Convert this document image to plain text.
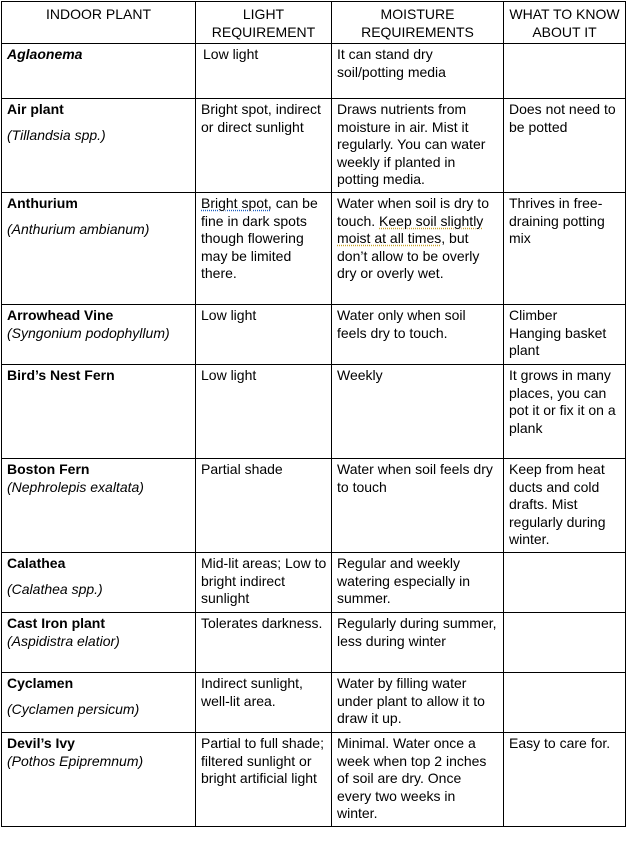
INDOOR PLANT	LIGHT REQUIREMENT	MOISTURE REQUIREMENTS	WHAT TO KNOW ABOUT IT

Aglaonema	Low light	It can stand dry soil/potting media	
Air plant
(Tillandsia spp.)	Bright spot, indirect or direct sunlight	Draws nutrients from moisture in air. Mist it regularly. You can water weekly if planted in potting media.	Does not need to be potted
Anthurium
(Anthurium ambianum)	Bright spot, can be fine in dark spots though flowering may be limited there.	Water when soil is dry to touch. Keep soil slightly moist at all times, but don’t allow to be overly dry or overly wet.	Thrives in free-draining potting mix
Arrowhead Vine
(Syngonium podophyllum)	Low light	Water only when soil feels dry to touch.	Climber
Hanging basket plant

Bird’s Nest Fern	Low light	Weekly	It grows in many places, you can pot it or fix it on a plank
Boston Fern
(Nephrolepis exaltata)	Partial shade	Water when soil feels dry to touch	Keep from heat ducts and cold drafts. Mist regularly during winter.
Calathea
(Calathea spp.)	Mid-lit areas; Low to bright indirect sunlight	Regular and weekly watering especially in summer.	
Cast Iron plant
(Aspidistra elatior)	Tolerates darkness.	Regularly during summer, less during winter	
Cyclamen
(Cyclamen persicum)	Indirect sunlight, well-lit area.	Water by filling water under plant to allow it to draw it up.	
Devil’s Ivy
(Pothos Epipremnum)	Partial to full shade; filtered sunlight or bright artificial light	Minimal. Water once a week when top 2 inches of soil are dry. Once every two weeks in winter.	Easy to care for.
